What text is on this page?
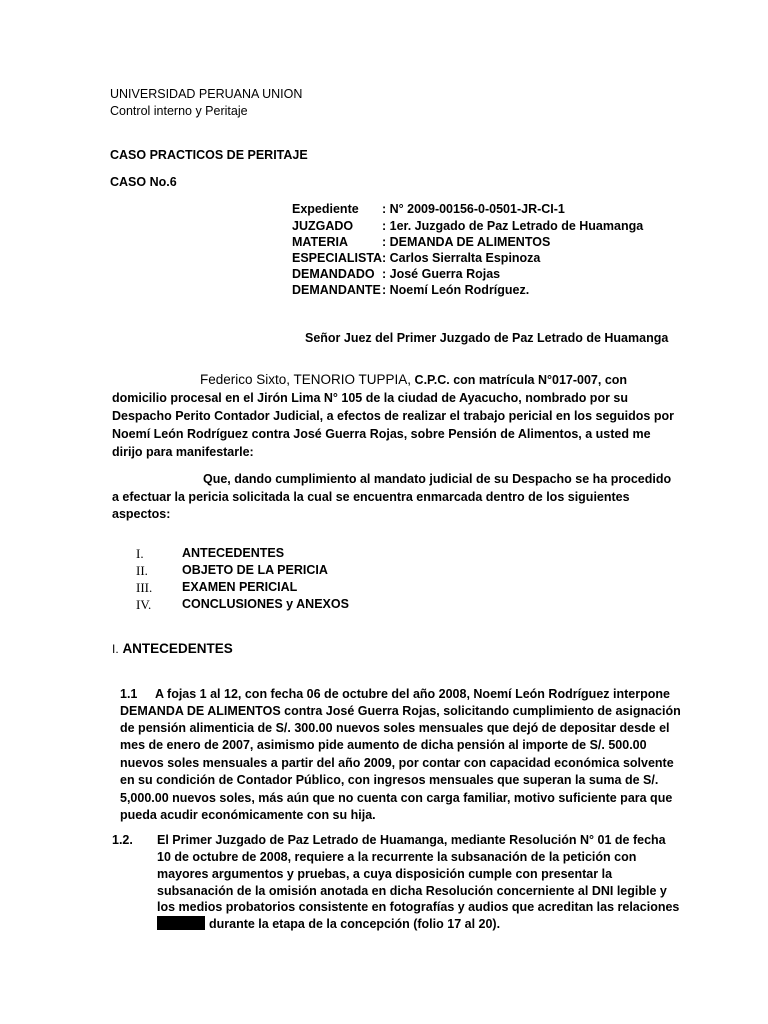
UNIVERSIDAD PERUANA UNION
Control interno y Peritaje
CASO PRACTICOS DE PERITAJE
CASO No.6
Expediente : N° 2009-00156-0-0501-JR-CI-1
JUZGADO : 1er. Juzgado de Paz Letrado de Huamanga
MATERIA	: DEMANDA DE ALIMENTOS
ESPECIALISTA : Carlos Sierralta Espinoza
DEMANDADO : José Guerra Rojas
DEMANDANTE : Noemí León Rodríguez.
Señor Juez del Primer Juzgado de Paz Letrado de Huamanga
Federico Sixto, TENORIO TUPPIA, C.P.C. con matrícula N°017-007, con
domicilio procesal en el Jirón Lima N° 105 de la ciudad de Ayacucho, nombrado por su
Despacho Perito Contador Judicial, a efectos de realizar el trabajo pericial en los seguidos por
Noemí León Rodríguez contra José Guerra Rojas, sobre Pensión de Alimentos, a usted me
dirijo para manifestarle:
Que, dando cumplimiento al mandato judicial de su Despacho se ha procedido
a efectuar la pericia solicitada la cual se encuentra enmarcada dentro de los siguientes
aspectos:
I.	ANTECEDENTES
II.	OBJETO DE LA PERICIA
III. EXAMEN PERICIAL
IV. CONCLUSIONES y ANEXOS
I. ANTECEDENTES
1.1 A fojas 1 al 12, con fecha 06 de octubre del año 2008, Noemí León Rodríguez interpone
DEMANDA DE ALIMENTOS contra José Guerra Rojas, solicitando cumplimiento de asignación
de pensión alimenticia de S/. 300.00 nuevos soles mensuales que dejó de depositar desde el
mes de enero de 2007, asimismo pide aumento de dicha pensión al importe de S/. 500.00
nuevos soles mensuales a partir del año 2009, por contar con capacidad económica solvente
en su condición de Contador Público, con ingresos mensuales que superan la suma de S/.
5,000.00 nuevos soles, más aún que no cuenta con carga familiar, motivo suficiente para que
pueda acudir económicamente con su hija.
1.2. El Primer Juzgado de Paz Letrado de Huamanga, mediante Resolución N° 01 de fecha
10 de octubre de 2008, requiere a la recurrente la subsanación de la petición con
mayores argumentos y pruebas, a cuya disposición cumple con presentar la
subsanación de la omisión anotada en dicha Resolución concerniente al DNI legible y
los medios probatorios consistente en fotografías y audios que acreditan las relaciones
durante la etapa de la concepción (folio 17 al 20).
